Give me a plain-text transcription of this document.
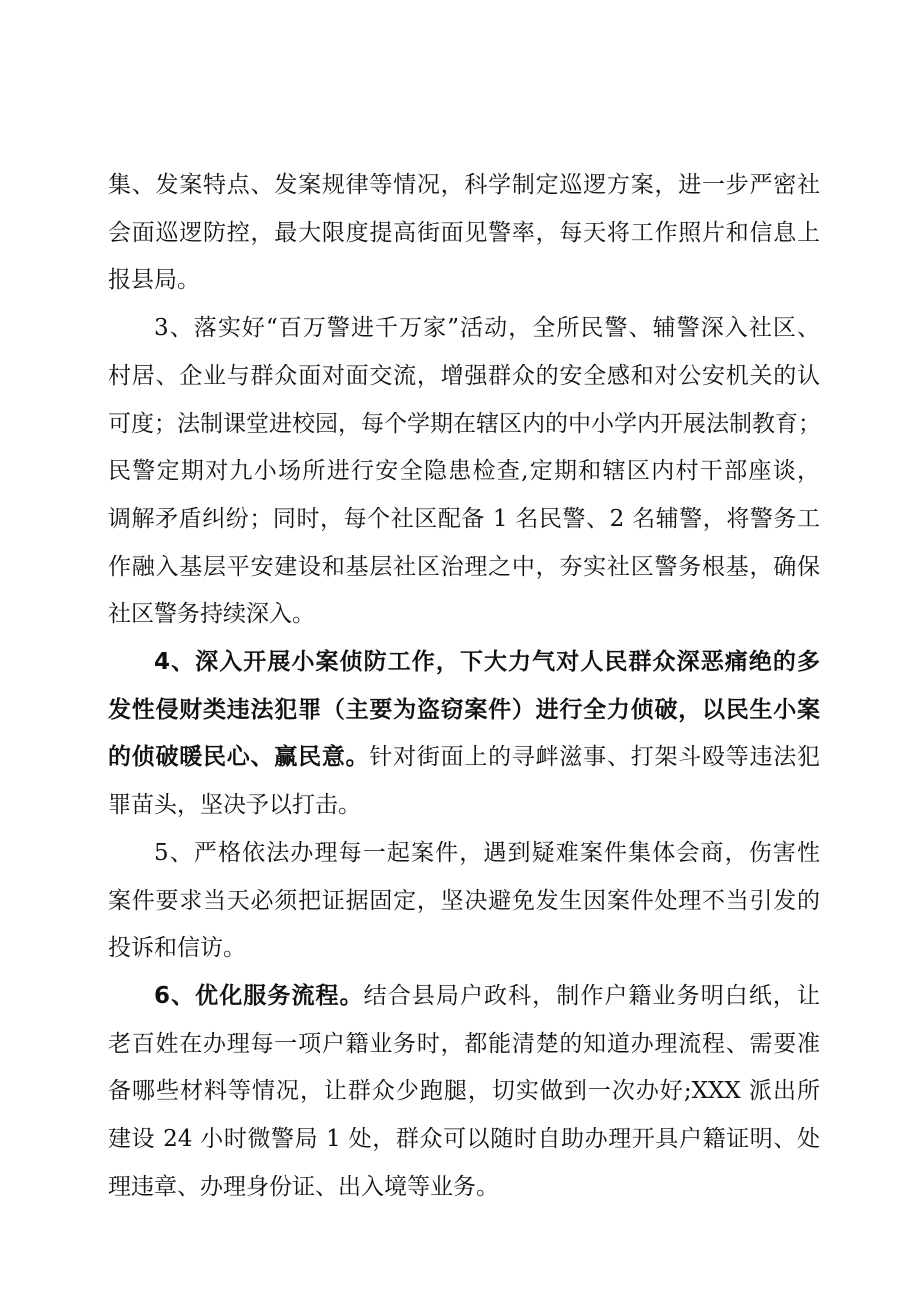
集、发案特点、发案规律等情况，科学制定巡逻方案，进一步严密社
会面巡逻防控，最大限度提高街面见警率，每天将工作照片和信息上
报县局。
3、落实好“百万警进千万家”活动，全所民警、辅警深入社区、
村居、企业与群众面对面交流，增强群众的安全感和对公安机关的认
可度；法制课堂进校园，每个学期在辖区内的中小学内开展法制教育；
民警定期对九小场所进行安全隐患检查,定期和辖区内村干部座谈，
调解矛盾纠纷；同时，每个社区配备 1 名民警、2 名辅警，将警务工
作融入基层平安建设和基层社区治理之中，夯实社区警务根基，确保
社区警务持续深入。
4、深入开展小案侦防工作，下大力气对人民群众深恶痛绝的多
发性侵财类违法犯罪（主要为盗窃案件）进行全力侦破，以民生小案
的侦破暖民心、赢民意。针对街面上的寻衅滋事、打架斗殴等违法犯
罪苗头，坚决予以打击。
5、严格依法办理每一起案件，遇到疑难案件集体会商，伤害性
案件要求当天必须把证据固定，坚决避免发生因案件处理不当引发的
投诉和信访。
6、优化服务流程。结合县局户政科，制作户籍业务明白纸，让
老百姓在办理每一项户籍业务时，都能清楚的知道办理流程、需要准
备哪些材料等情况，让群众少跑腿，切实做到一次办好;XXX 派出所
建设 24 小时微警局 1 处，群众可以随时自助办理开具户籍证明、处
理违章、办理身份证、出入境等业务。
